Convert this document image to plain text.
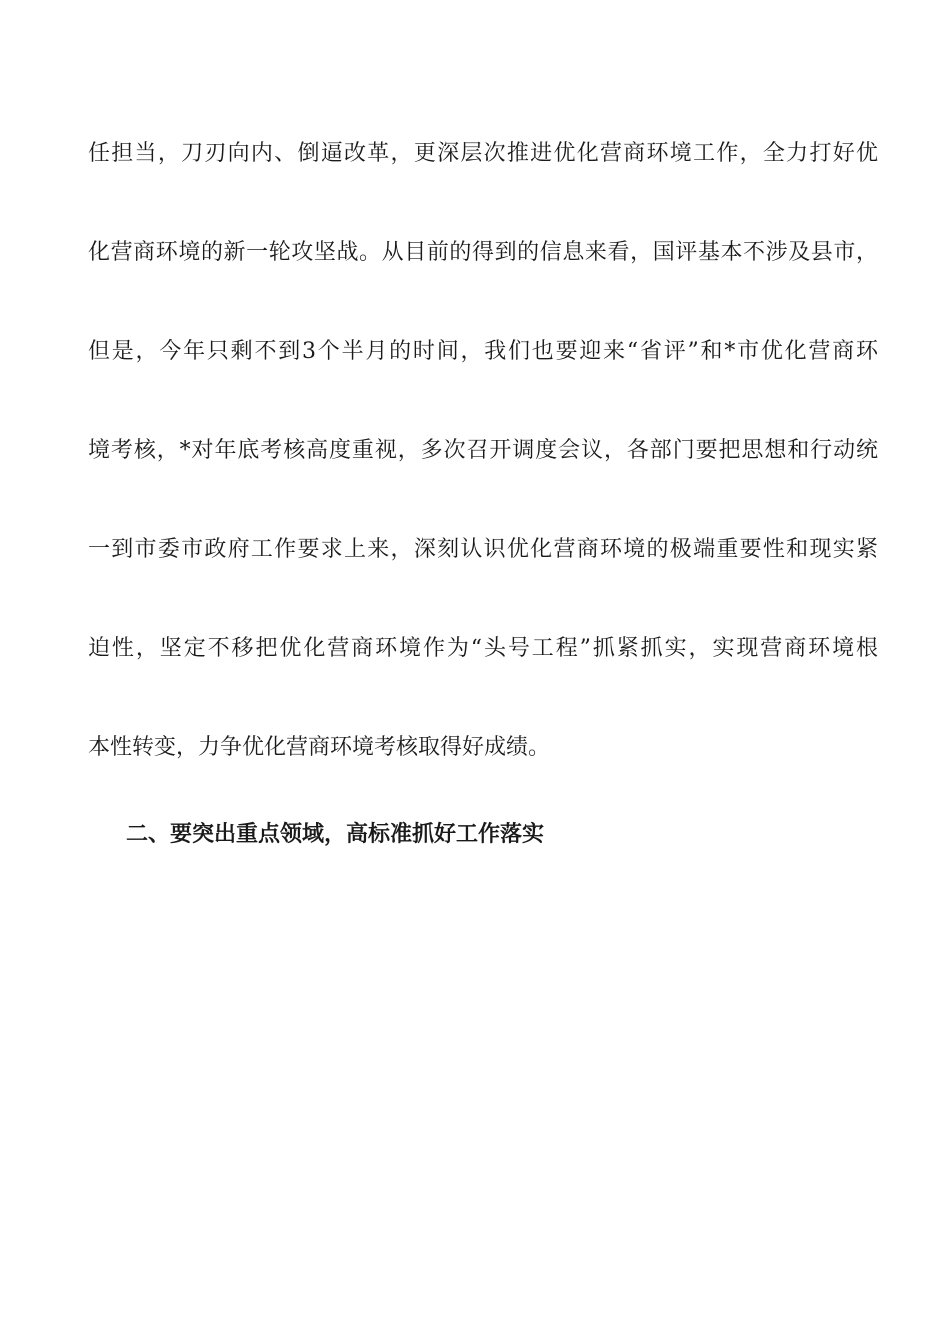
任担当，刀刃向内、倒逼改革，更深层次推进优化营商环境工作，全力打好优
化营商环境的新一轮攻坚战。从目前的得到的信息来看，国评基本不涉及县市，
但是，今年只剩不到3个半月的时间，我们也要迎来“省评”和*市优化营商环
境考核，*对年底考核高度重视，多次召开调度会议，各部门要把思想和行动统
一到市委市政府工作要求上来，深刻认识优化营商环境的极端重要性和现实紧
迫性，坚定不移把优化营商环境作为“头号工程”抓紧抓实，实现营商环境根
本性转变，力争优化营商环境考核取得好成绩。
二、要突出重点领域，高标准抓好工作落实
